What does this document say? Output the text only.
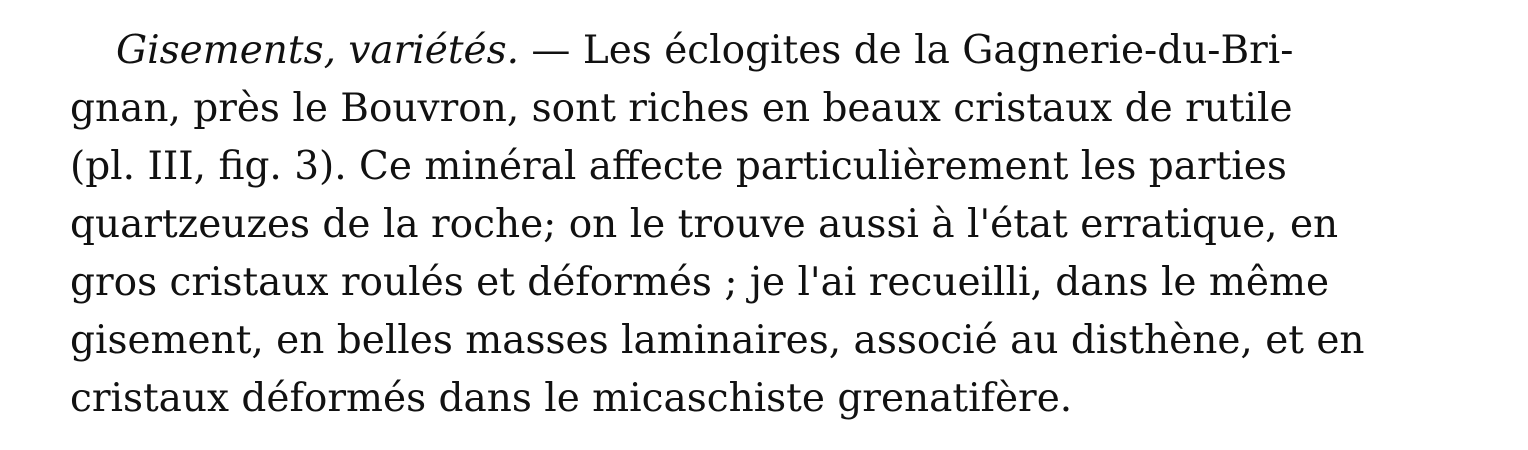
Gisements, variétés. — Les éclogites de la Gagnerie-du-Bri-
gnan, près le Bouvron, sont riches en beaux cristaux de rutile
(pl. III, fig. 3). Ce minéral affecte particulièrement les parties
quartzeuzes de la roche; on le trouve aussi à l'état erratique, en
gros cristaux roulés et déformés ; je l'ai recueilli, dans le même
gisement, en belles masses laminaires, associé au disthène, et en
cristaux déformés dans le micaschiste grenatifère.
